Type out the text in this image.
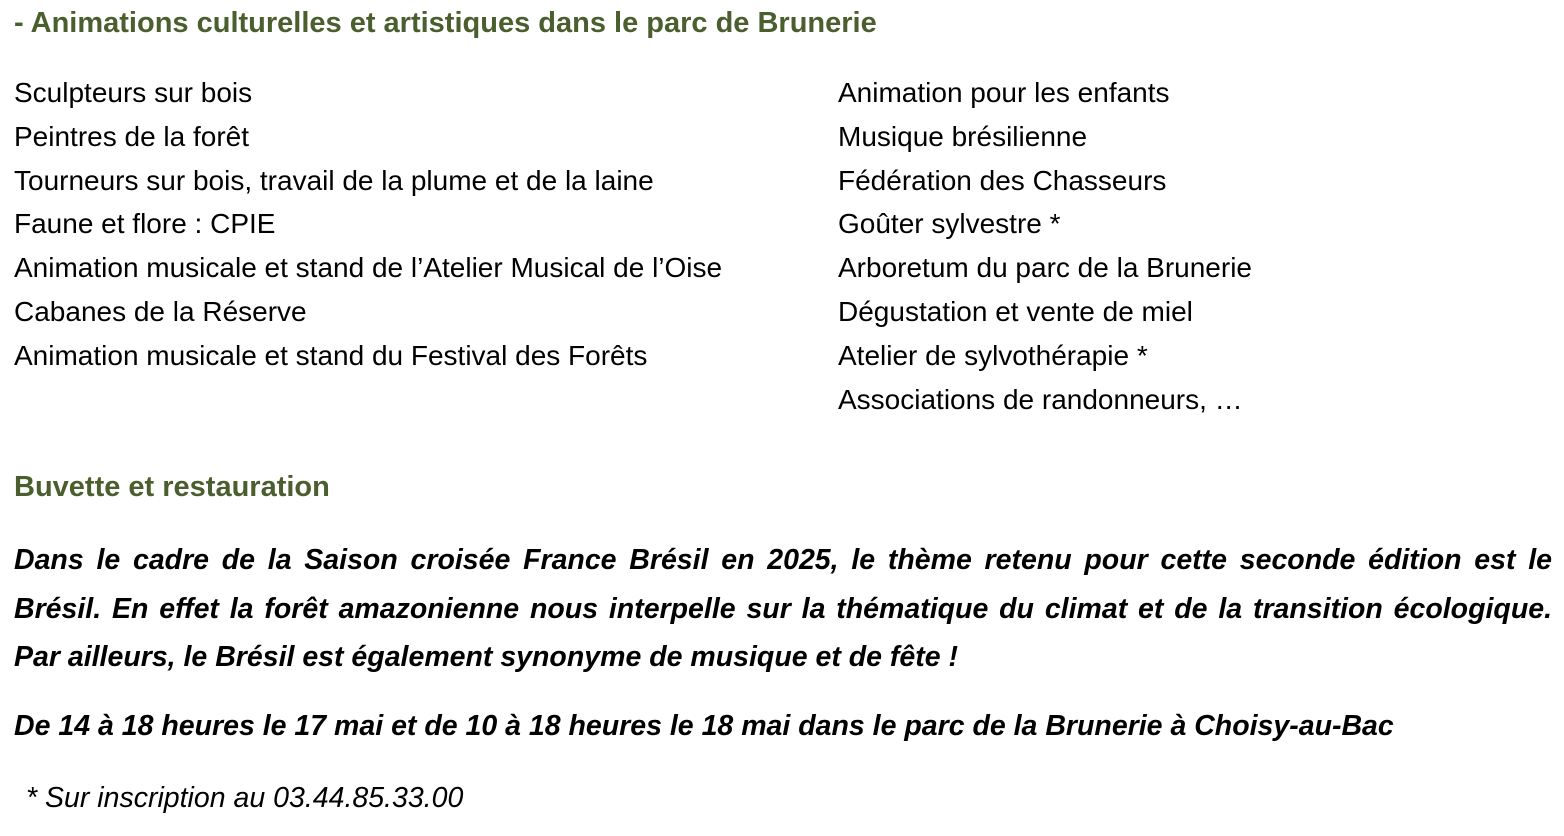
- Animations culturelles et artistiques dans le parc de Brunerie
Sculpteurs sur bois
Peintres de la forêt
Tourneurs sur bois, travail de la plume et de la laine
Faune et flore : CPIE
Animation musicale et stand de l’Atelier Musical de l’Oise
Cabanes de la Réserve
Animation musicale et stand du Festival des Forêts
Animation pour les enfants
Musique brésilienne
Fédération des Chasseurs
Goûter sylvestre *
Arboretum du parc de la Brunerie
Dégustation et vente de miel
Atelier de sylvothérapie *
Associations de randonneurs, …
Buvette et restauration
Dans le cadre de la Saison croisée France Brésil en 2025, le thème retenu pour cette seconde édition est le Brésil. En effet la forêt amazonienne nous interpelle sur la thématique du climat et de la transition écologique. Par ailleurs, le Brésil est également synonyme de musique et de fête !
De 14 à 18 heures le 17 mai et de 10 à 18 heures le 18 mai dans le parc de la Brunerie à Choisy-au-Bac
* Sur inscription au 03.44.85.33.00
